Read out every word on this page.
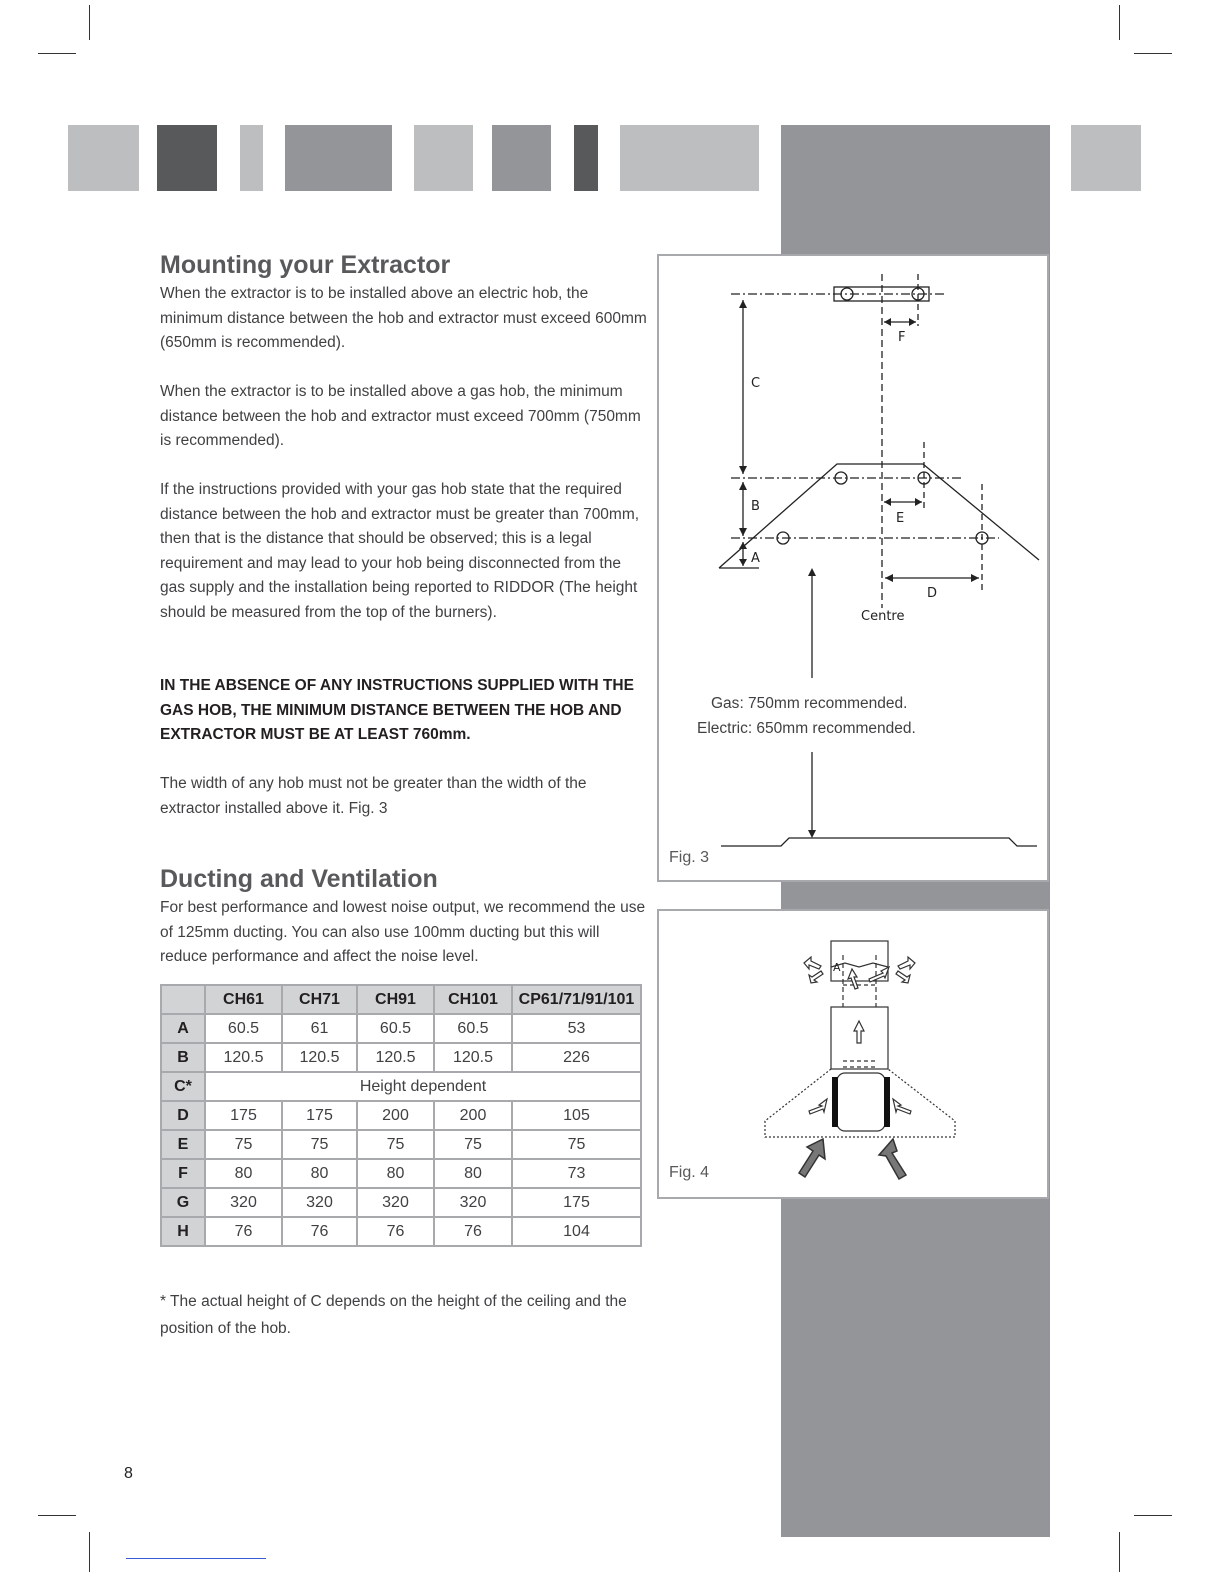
Mounting your Extractor

When the extractor is to be installed above an electric hob, the minimum distance between the hob and extractor must exceed 600mm (650mm is recommended).

When the extractor is to be installed above a gas hob, the minimum distance between the hob and extractor must exceed 700mm (750mm is recommended).

If the instructions provided with your gas hob state that the required distance between the hob and extractor must be greater than 700mm, then that is the distance that should be observed; this is a legal requirement and may lead to your hob being disconnected from the gas supply and the installation being reported to RIDDOR (The height should be measured from the top of the burners).

IN THE ABSENCE OF ANY INSTRUCTIONS SUPPLIED WITH THE GAS HOB, THE MINIMUM DISTANCE BETWEEN THE HOB AND EXTRACTOR MUST BE AT LEAST 760mm.

The width of any hob must not be greater than the width of the extractor installed above it. Fig. 3

Ducting and Ventilation

For best performance and lowest noise output, we recommend the use of 125mm ducting. You can also use 100mm ducting but this will reduce performance and affect the noise level.

	CH61	CH71	CH91	CH101	CP61/71/91/101
A	60.5	61	60.5	60.5	53
B	120.5	120.5	120.5	120.5	226
C*	Height dependent				
D	175	175	200	200	105
E	75	75	75	75	75
F	80	80	80	80	73
G	320	320	320	320	175
H	76	76	76	76	104

* The actual height of C depends on the height of the ceiling and the position of the hob.

C
F
B
E
A
D
Centre
Gas: 750mm recommended.
Electric: 650mm recommended.
Fig. 3
A
Fig. 4
8
